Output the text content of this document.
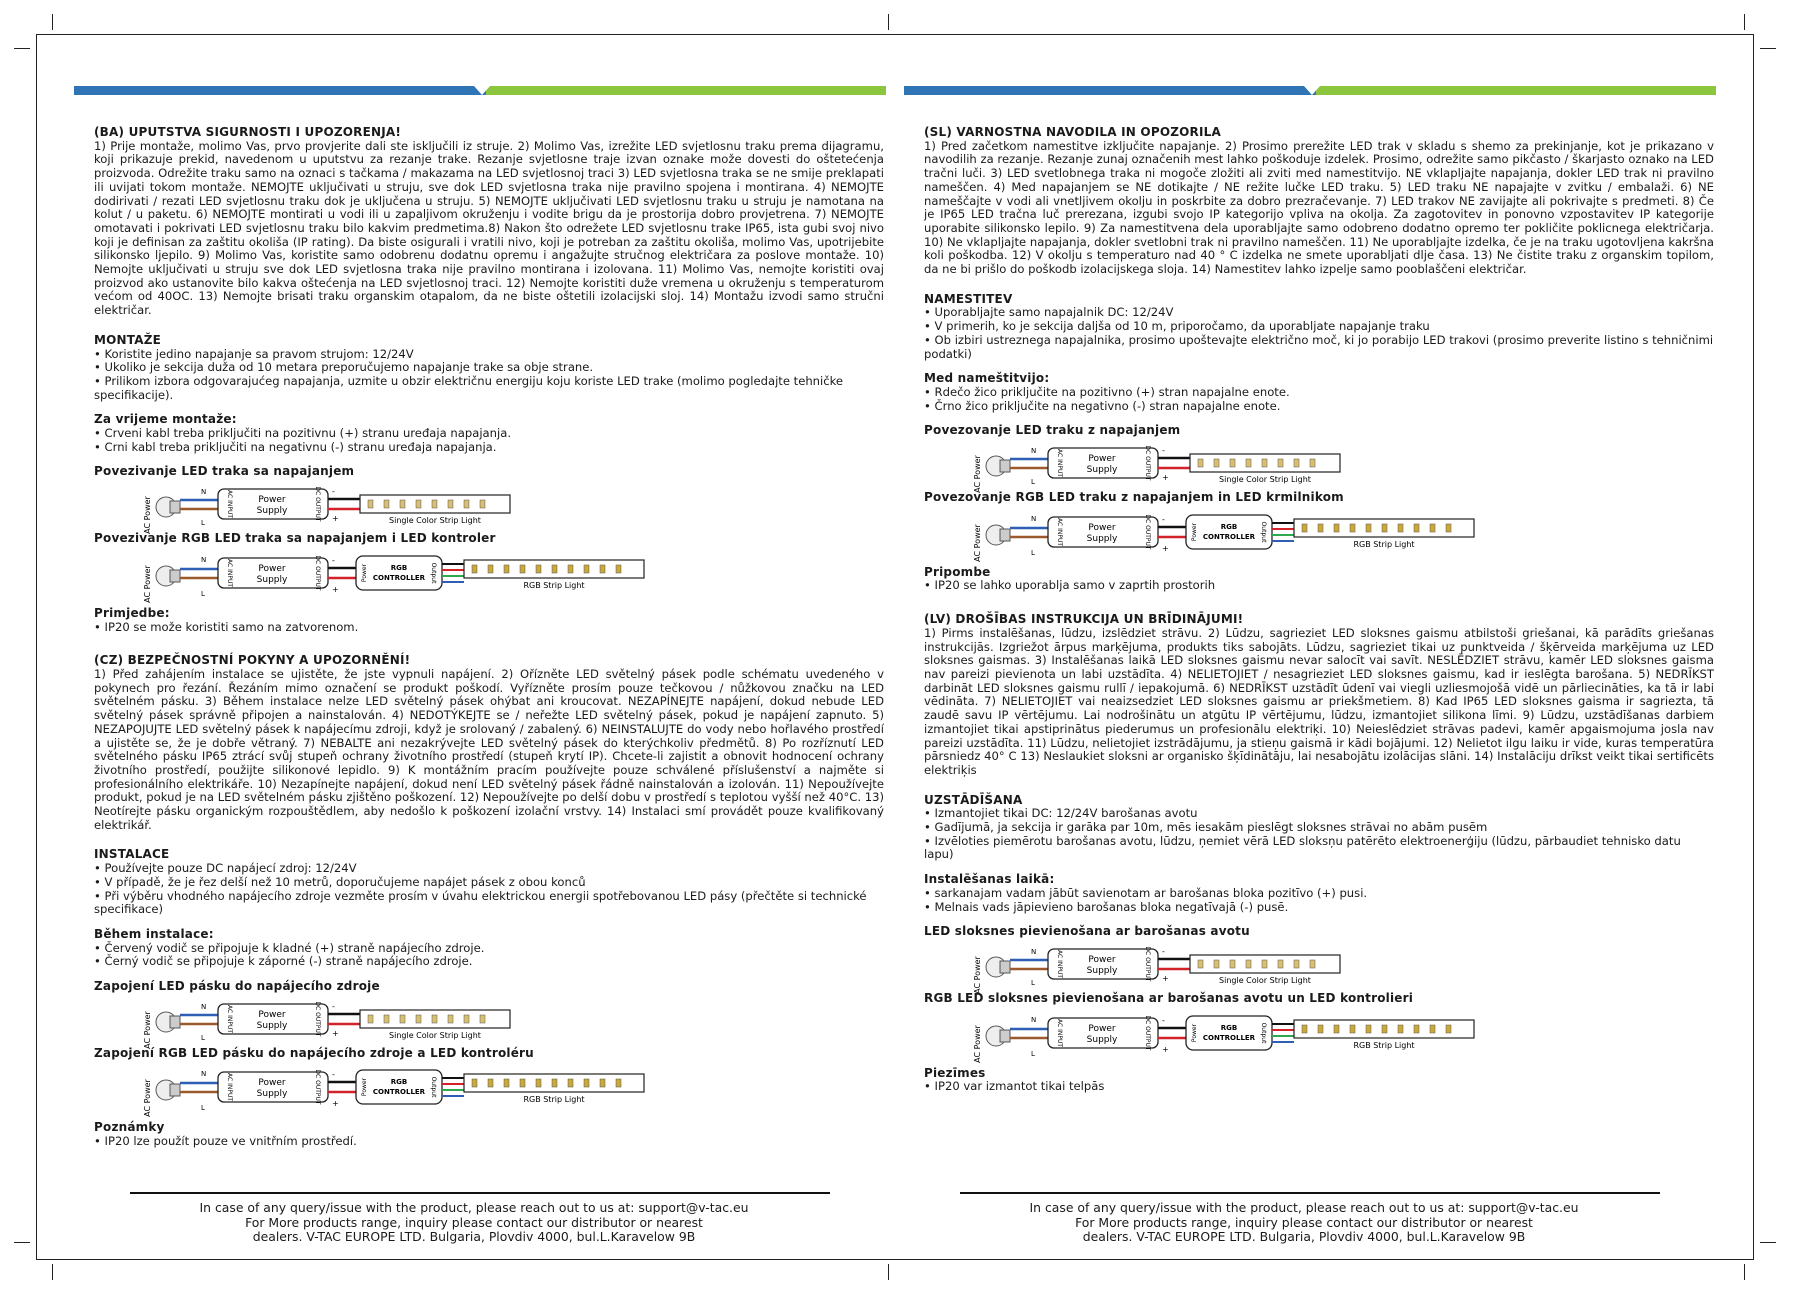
(BA) UPUTSTVA SIGURNOSTI I UPOZORENJA!

1) Prije montaže, molimo Vas, prvo provjerite dali ste isključili iz struje. 2) Molimo Vas, izrežite LED svjetlosnu traku prema dijagramu, koji prikazuje prekid, navedenom u uputstvu za rezanje trake. Rezanje svjetlosne traje izvan oznake može dovesti do oštetećenja proizvoda. Odrežite traku samo na oznaci s tačkama / makazama na LED svjetlosnoj traci 3) LED svjetlosna traka se ne smije preklapati ili uvijati tokom montaže. NEMOJTE uključivati u struju, sve dok LED svjetlosna traka nije pravilno spojena i montirana. 4) NEMOJTE dodirivati / rezati LED svjetlosnu traku dok je uključena u struju. 5) NEMOJTE uključivati LED svjetlosnu traku u struju je namotana na kolut / u paketu. 6) NEMOJTE montirati u vodi ili u zapaljivom okruženju i vodite brigu da je prostorija dobro provjetrena. 7) NEMOJTE omotavati i pokrivati LED svjetlosnu traku bilo kakvim predmetima.8) Nakon što odrežete LED svjetlosnu trake IP65, ista gubi svoj nivo koji je definisan za zaštitu okoliša (IP rating). Da biste osigurali i vratili nivo, koji je potreban za zaštitu okoliša, molimo Vas, upotrijebite silikonsko ljepilo. 9) Molimo Vas, koristite samo odobrenu dodatnu opremu i angažujte stručnog električara za poslove montaže. 10) Nemojte uključivati u struju sve dok LED svjetlosna traka nije pravilno montirana i izolovana. 11) Molimo Vas, nemojte koristiti ovaj proizvod ako ustanovite bilo kakva oštećenja na LED svjetlosnoj traci. 12) Nemojte koristiti duže vremena u okruženju s temperaturom većom od 40OC. 13) Nemojte brisati traku organskim otapalom, da ne biste oštetili izolacijski sloj. 14) Montažu izvodi samo stručni električar.

MONTAŽE
• Koristite jedino napajanje sa pravom strujom: 12/24V
• Ukoliko je sekcija duža od 10 metara preporučujemo napajanje trake sa obje strane.
• Prilikom izbora odgovarajućeg napajanja, uzmite u obzir električnu energiju koju koriste LED trake (molimo pogledajte tehničke specifikacije).
Za vrijeme montaže:
• Crveni kabl treba priključiti na pozitivnu (+) stranu uređaja napajanja.
• Crni kabl treba priključiti na negativnu (-) stranu uređaja napajanja.
Povezivanje LED traka sa napajanjem
AC Power
N
L
AC INPUT	DC OUTPUT
Power
Supply
-
+	Single Color Strip Light
Povezivanje RGB LED traka sa napajanjem i LED kontroler
AC Power
N
L
AC INPUT	DC OUTPUT
Power
Supply
-
+
Power	Output
RGB
CONTROLLER
RGB Strip Light
Primjedbe:
• IP20 se može koristiti samo na zatvorenom.
(CZ) BEZPEČNOSTNÍ POKYNY A UPOZORNĚNÍ!

1) Před zahájením instalace se ujistěte, že jste vypnuli napájení. 2) Ořízněte LED světelný pásek podle schématu uvedeného v pokynech pro řezání. Řezáním mimo označení se produkt poškodí. Vyřízněte prosím pouze tečkovou / nůžkovou značku na LED světelném pásku. 3) Během instalace nelze LED světelný pásek ohýbat ani kroucovat. NEZAPÍNEJTE napájení, dokud nebude LED světelný pásek správně připojen a nainstalován. 4) NEDOTÝKEJTE se / neřežte LED světelný pásek, pokud je napájení zapnuto. 5) NEZAPOJUJTE LED světelný pásek k napájecímu zdroji, když je srolovaný / zabalený. 6) NEINSTALUJTE do vody nebo hořlavého prostředí a ujistěte se, že je dobře větraný. 7) NEBALTE ani nezakrývejte LED světelný pásek do kterýchkoliv předmětů. 8) Po rozříznutí LED světelného pásku IP65 ztrácí svůj stupeň ochrany životního prostředí (stupeň krytí IP). Chcete-li zajistit a obnovit hodnocení ochrany životního prostředí, použijte silikonové lepidlo. 9) K montážním pracím používejte pouze schválené příslušenství a najměte si profesionálního elektrikáře. 10) Nezapínejte napájení, dokud není LED světelný pásek řádně nainstalován a izolován. 11) Nepoužívejte produkt, pokud je na LED světelném pásku zjištěno poškození. 12) Nepoužívejte po delší dobu v prostředí s teplotou vyšší než 40°C. 13) Neotírejte pásku organickým rozpouštědlem, aby nedošlo k poškození izolační vrstvy. 14) Instalaci smí provádět pouze kvalifikovaný elektrikář.

INSTALACE
• Používejte pouze DC napájecí zdroj: 12/24V
• V případě, že je řez delší než 10 metrů, doporučujeme napájet pásek z obou konců
• Při výběru vhodného napájecího zdroje vezměte prosím v úvahu elektrickou energii spotřebovanou LED pásy (přečtěte si technické specifikace)
Během instalace:
• Červený vodič se připojuje k kladné (+) straně napájecího zdroje.
• Černý vodič se připojuje k záporné (-) straně napájecího zdroje.
Zapojení LED pásku do napájecího zdroje
AC Power
N
L
AC INPUT	DC OUTPUT
Power
Supply
-
+	Single Color Strip Light
Zapojení RGB LED pásku do napájecího zdroje a LED kontroléru
AC Power
N
L
AC INPUT	DC OUTPUT
Power
Supply
-
+
Power	Output
RGB
CONTROLLER
RGB Strip Light
Poznámky
• IP20 lze použít pouze ve vnitřním prostředí.
In case of any query/issue with the product, please reach out to us at: support@v-tac.eu
For More products range, inquiry please contact our distributor or nearest
dealers. V-TAC EUROPE LTD. Bulgaria, Plovdiv 4000, bul.L.Karavelow 9B
(SL) VARNOSTNA NAVODILA IN OPOZORILA

1) Pred začetkom namestitve izključite napajanje. 2) Prosimo prerežite LED trak v skladu s shemo za prekinjanje, kot je prikazano v navodilih za rezanje. Rezanje zunaj označenih mest lahko poškoduje izdelek. Prosimo, odrežite samo pikčasto / škarjasto oznako na LED tračni luči. 3) LED svetlobnega traka ni mogoče zložiti ali zviti med namestitvijo. NE vklapljajte napajanja, dokler LED trak ni pravilno nameščen. 4) Med napajanjem se NE dotikajte / NE režite lučke LED traku. 5) LED traku NE napajajte v zvitku / embalaži. 6) NE nameščajte v vodi ali vnetljivem okolju in poskrbite za dobro prezračevanje. 7) LED trakov NE zavijajte ali pokrivajte s predmeti. 8) Če je IP65 LED tračna luč prerezana, izgubi svojo IP kategorijo vpliva na okolja. Za zagotovitev in ponovno vzpostavitev IP kategorije uporabite silikonsko lepilo. 9) Za namestitvena dela uporabljajte samo odobreno dodatno opremo ter pokličite poklicnega električarja. 10) Ne vklapljajte napajanja, dokler svetlobni trak ni pravilno nameščen. 11) Ne uporabljajte izdelka, če je na traku ugotovljena kakršna koli poškodba. 12) V okolju s temperaturo nad 40 ° C izdelka ne smete uporabljati dlje časa. 13) Ne čistite traku z organskim topilom, da ne bi prišlo do poškodb izolacijskega sloja. 14) Namestitev lahko izpelje samo pooblaščeni električar.

NAMESTITEV
• Uporabljajte samo napajalnik DC: 12/24V
• V primerih, ko je sekcija daljša od 10 m, priporočamo, da uporabljate napajanje traku
• Ob izbiri ustreznega napajalnika, prosimo upoštevajte električno moč, ki jo porabijo LED trakovi (prosimo preverite listino s tehničnimi podatki)
Med nameštitvijo:
• Rdečo žico priključite na pozitivno (+) stran napajalne enote.
• Črno žico priključite na negativno (-) stran napajalne enote.
Povezovanje LED traku z napajanjem
AC Power
N
L
AC INPUT	DC OUTPUT
Power
Supply
-
+	Single Color Strip Light
Povezovanje RGB LED traku z napajanjem in LED krmilnikom
AC Power
N
L
AC INPUT	DC OUTPUT
Power
Supply
-
+
Power	Output
RGB
CONTROLLER
RGB Strip Light
Pripombe
• IP20 se lahko uporablja samo v zaprtih prostorih
(LV) DROŠĪBAS INSTRUKCIJA UN BRĪDINĀJUMI!

1) Pirms instalēšanas, lūdzu, izslēdziet strāvu. 2) Lūdzu, sagrieziet LED sloksnes gaismu atbilstoši griešanai, kā parādīts griešanas instrukcijās. Izgriežot ārpus marķējuma, produkts tiks sabojāts. Lūdzu, sagrieziet tikai uz punktveida / šķērveida marķējuma uz LED sloksnes gaismas. 3) Instalēšanas laikā LED sloksnes gaismu nevar salocīt vai savīt. NESLĒDZIET strāvu, kamēr LED sloksnes gaisma nav pareizi pievienota un labi uzstādīta. 4) NELIETOJIET / nesagrieziet LED sloksnes gaismu, kad ir ieslēgta barošana. 5) NEDRĪKST darbināt LED sloksnes gaismu rullī / iepakojumā. 6) NEDRĪKST uzstādīt ūdenī vai viegli uzliesmojošā vidē un pārliecināties, ka tā ir labi vēdināta. 7) NELIETOJIET vai neaizsedziet LED sloksnes gaismu ar priekšmetiem. 8) Kad IP65 LED sloksnes gaisma ir sagriezta, tā zaudē savu IP vērtējumu. Lai nodrošinātu un atgūtu IP vērtējumu, lūdzu, izmantojiet silikona līmi. 9) Lūdzu, uzstādīšanas darbiem izmantojiet tikai apstiprinātus piederumus un profesionālu elektriķi. 10) Neieslēdziet strāvas padevi, kamēr apgaismojuma josla nav pareizi uzstādīta. 11) Lūdzu, nelietojiet izstrādājumu, ja stieņu gaismā ir kādi bojājumi. 12) Nelietot ilgu laiku ir vide, kuras temperatūra pārsniedz 40° C 13) Neslaukiet sloksni ar organisko šķīdinātāju, lai nesabojātu izolācijas slāni. 14) Instalāciju drīkst veikt tikai sertificēts elektriķis

UZSTĀDĪŠANA
• Izmantojiet tikai DC: 12/24V barošanas avotu
• Gadījumā, ja sekcija ir garāka par 10m, mēs iesakām pieslēgt sloksnes strāvai no abām pusēm
• Izvēloties piemērotu barošanas avotu, lūdzu, ņemiet vērā LED sloksņu patērēto elektroenerģiju (lūdzu, pārbaudiet tehnisko datu lapu)
Instalēšanas laikā:
• sarkanajam vadam jābūt savienotam ar barošanas bloka pozitīvo (+) pusi.
• Melnais vads jāpievieno barošanas bloka negatīvajā (-) pusē.
LED sloksnes pievienošana ar barošanas avotu
AC Power
N
L
AC INPUT	DC OUTPUT
Power
Supply
-
+	Single Color Strip Light
RGB LED sloksnes pievienošana ar barošanas avotu un LED kontrolieri
AC Power
N
L
AC INPUT	DC OUTPUT
Power
Supply
-
+
Power	Output
RGB
CONTROLLER
RGB Strip Light
Piezīmes
• IP20 var izmantot tikai telpās
In case of any query/issue with the product, please reach out to us at: support@v-tac.eu
For More products range, inquiry please contact our distributor or nearest
dealers. V-TAC EUROPE LTD. Bulgaria, Plovdiv 4000, bul.L.Karavelow 9B
